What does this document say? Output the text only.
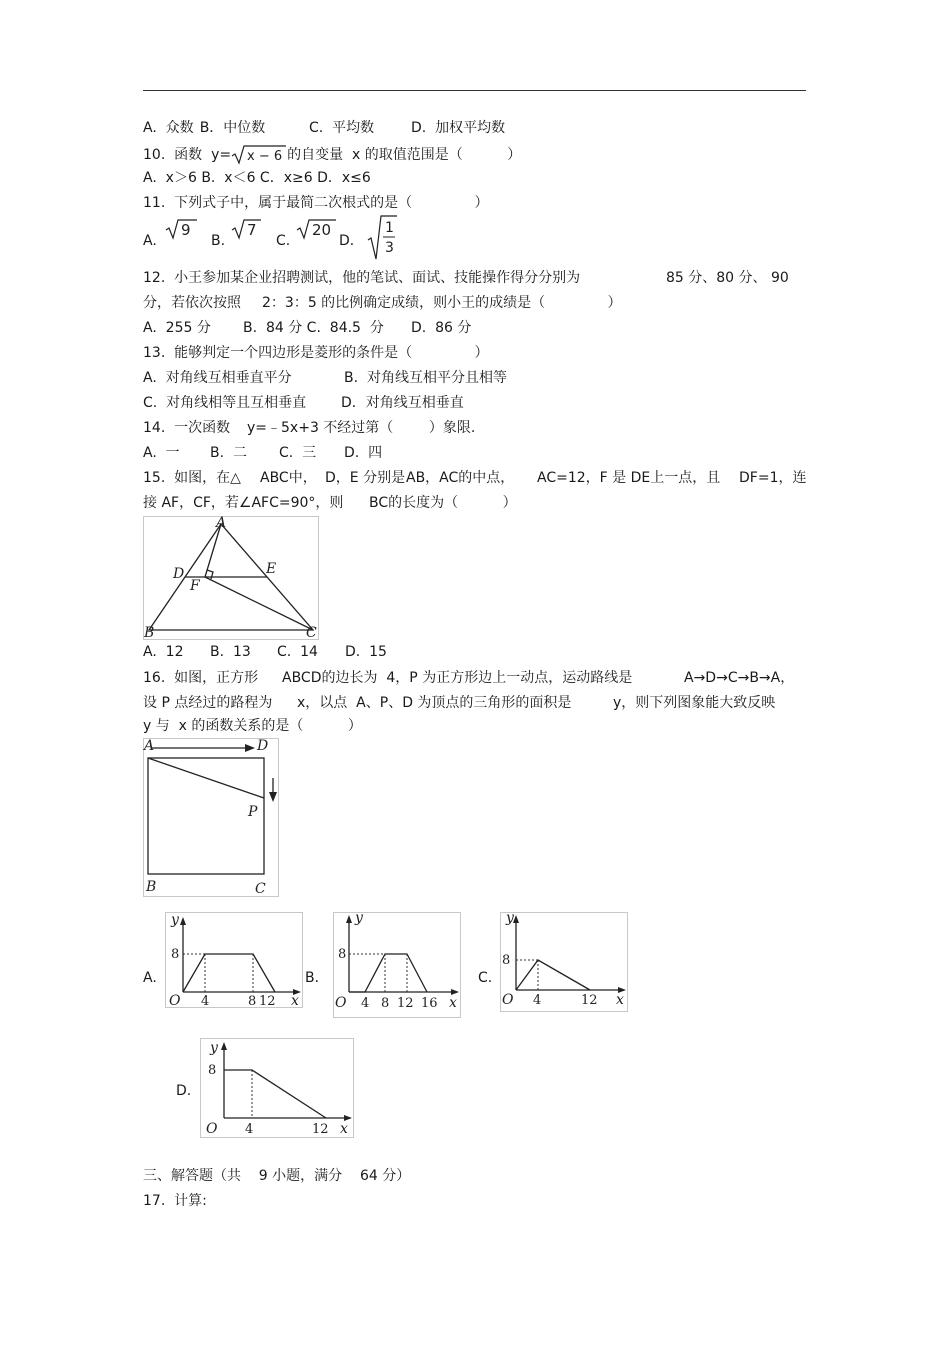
A.  众数 B．中位数	C.  平均数	D.  加权平均数
10.  函数 y= x − 6 的自变量 x 的取值范围是（          ）
A.  x＞6 B.  x＜6 C．x≥6 D．x≤6
11.  下列式子中，属于最简二次根式的是（              ）

A.

9

B.

7

C.

20

D．

1
3

12.  小王参加某企业招聘测试，他的笔试、面试、技能操作得分分别为	85 分、80 分、 90
分，若依次按照 2：3：5 的比例确定成绩，则小王的成绩是（              ）
A.  255 分 B.  84 分 C.  84.5  分 D.  86 分
13.  能够判定一个四边形是菱形的条件是（              ）
A.  对角线互相垂直平分	B.  对角线互相平分且相等
C.  对角线相等且互相垂直 D．对角线互相垂直
14.  一次函数 y=﹣5x+3 不经过第（        ）象限.
A.  一 B.  二 C.  三 D.  四
15.  如图，在△ ABC中， D，E 分别是 AB，AC的中点， AC=12，F 是 DE上一点，且 DF=1，连
接 AF，CF，若∠AFC=90°，则 BC的长度为（          ）
A
D	E
F
B	C
A.  12 B.  13 C.  14 D.  15
16.  如图，正方形 ABCD的边长为  4，P 为正方形边上一动点，运动路线是	A→D→C→B→A，
设 P 点经过的路程为 x，以点  A、P、D 为顶点的三角形的面积是	y，则下列图象能大致反映
y 与  x 的函数关系的是（          ）
A	D
P
B	C
A.
y
8
O 4	8 12 x
B．
y
8
O 4 8 12 16 x
C.
y
8
O 4	12 x
D.
y
8
O 4	12 x
三、解答题（共    9 小题，满分    64 分）
17.  计算:
